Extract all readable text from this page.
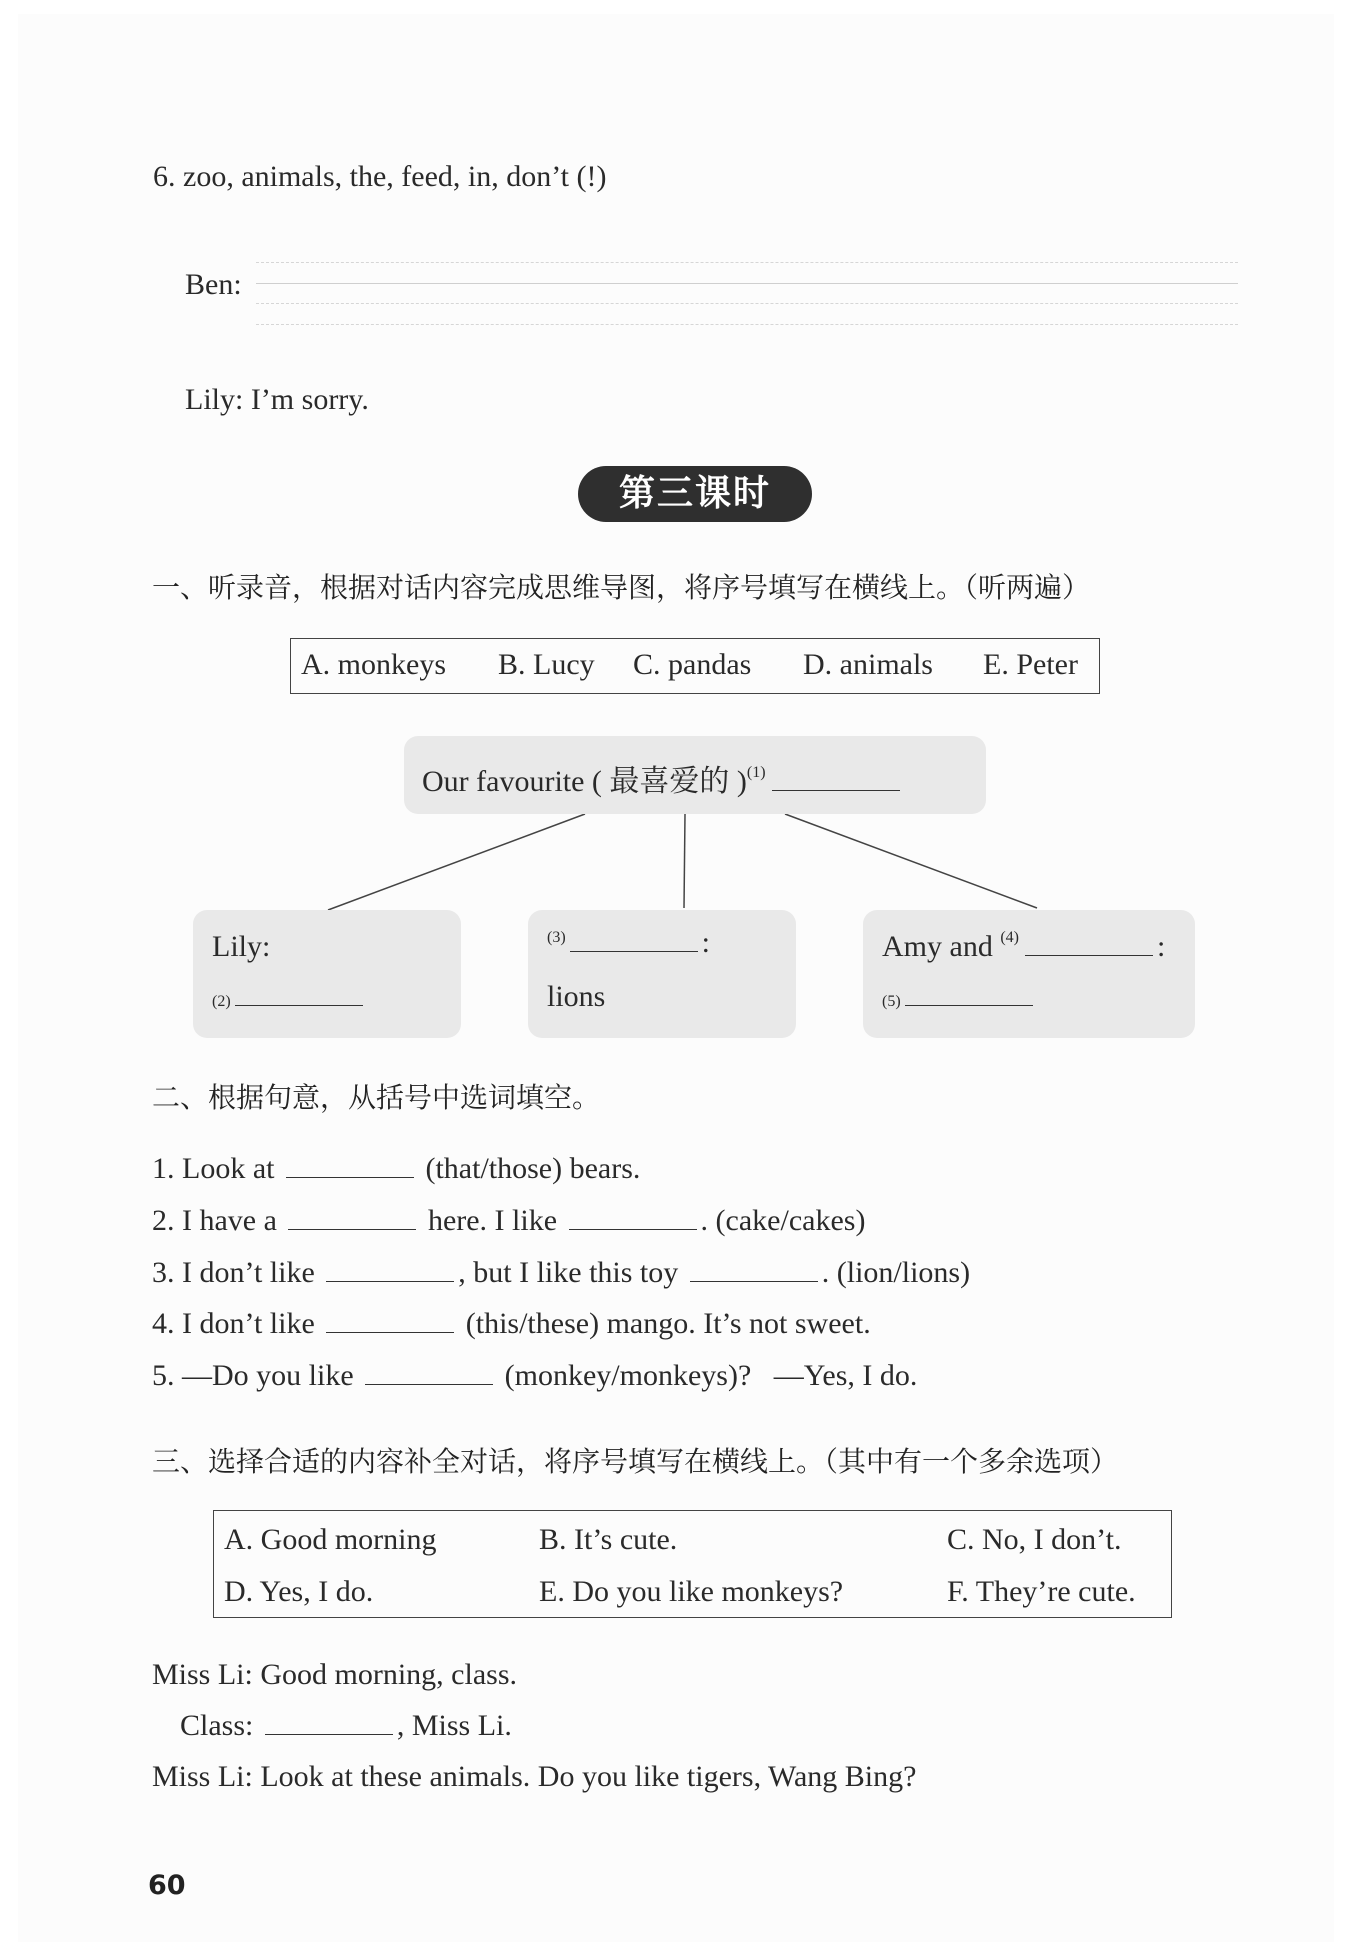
6. zoo, animals, the, feed, in, don’t (!)
Ben:
Lily: I’m sorry.
第三课时
一、听录音，根据对话内容完成思维导图，将序号填写在横线上。（听两遍）
A. monkeys B. Lucy C. pandas D. animals E. Peter
Our favourite ( 最喜爱的 )$^{(1)}$
Lily:
(2)
$^{(3)}$	:
lions
Amy and $^{(4)}$	:
(5)
二、根据句意，从括号中选词填空。
1. Look at	(that/those) bears.
2. I have a	here. I like	. (cake/cakes)
3. I don’t like	, but I like this toy	. (lion/lions)
4. I don’t like	(this/these) mango. It’s not sweet.
5. —Do you like	(monkey/monkeys)? —Yes, I do.
三、选择合适的内容补全对话，将序号填写在横线上。（其中有一个多余选项）
A. Good morning	B. It’s cute.	C. No, I don’t.
D. Yes, I do.	E. Do you like monkeys?	F. They’re cute.
Miss Li: Good morning, class.
Class:	, Miss Li.
Miss Li: Look at these animals. Do you like tigers, Wang Bing?
60
